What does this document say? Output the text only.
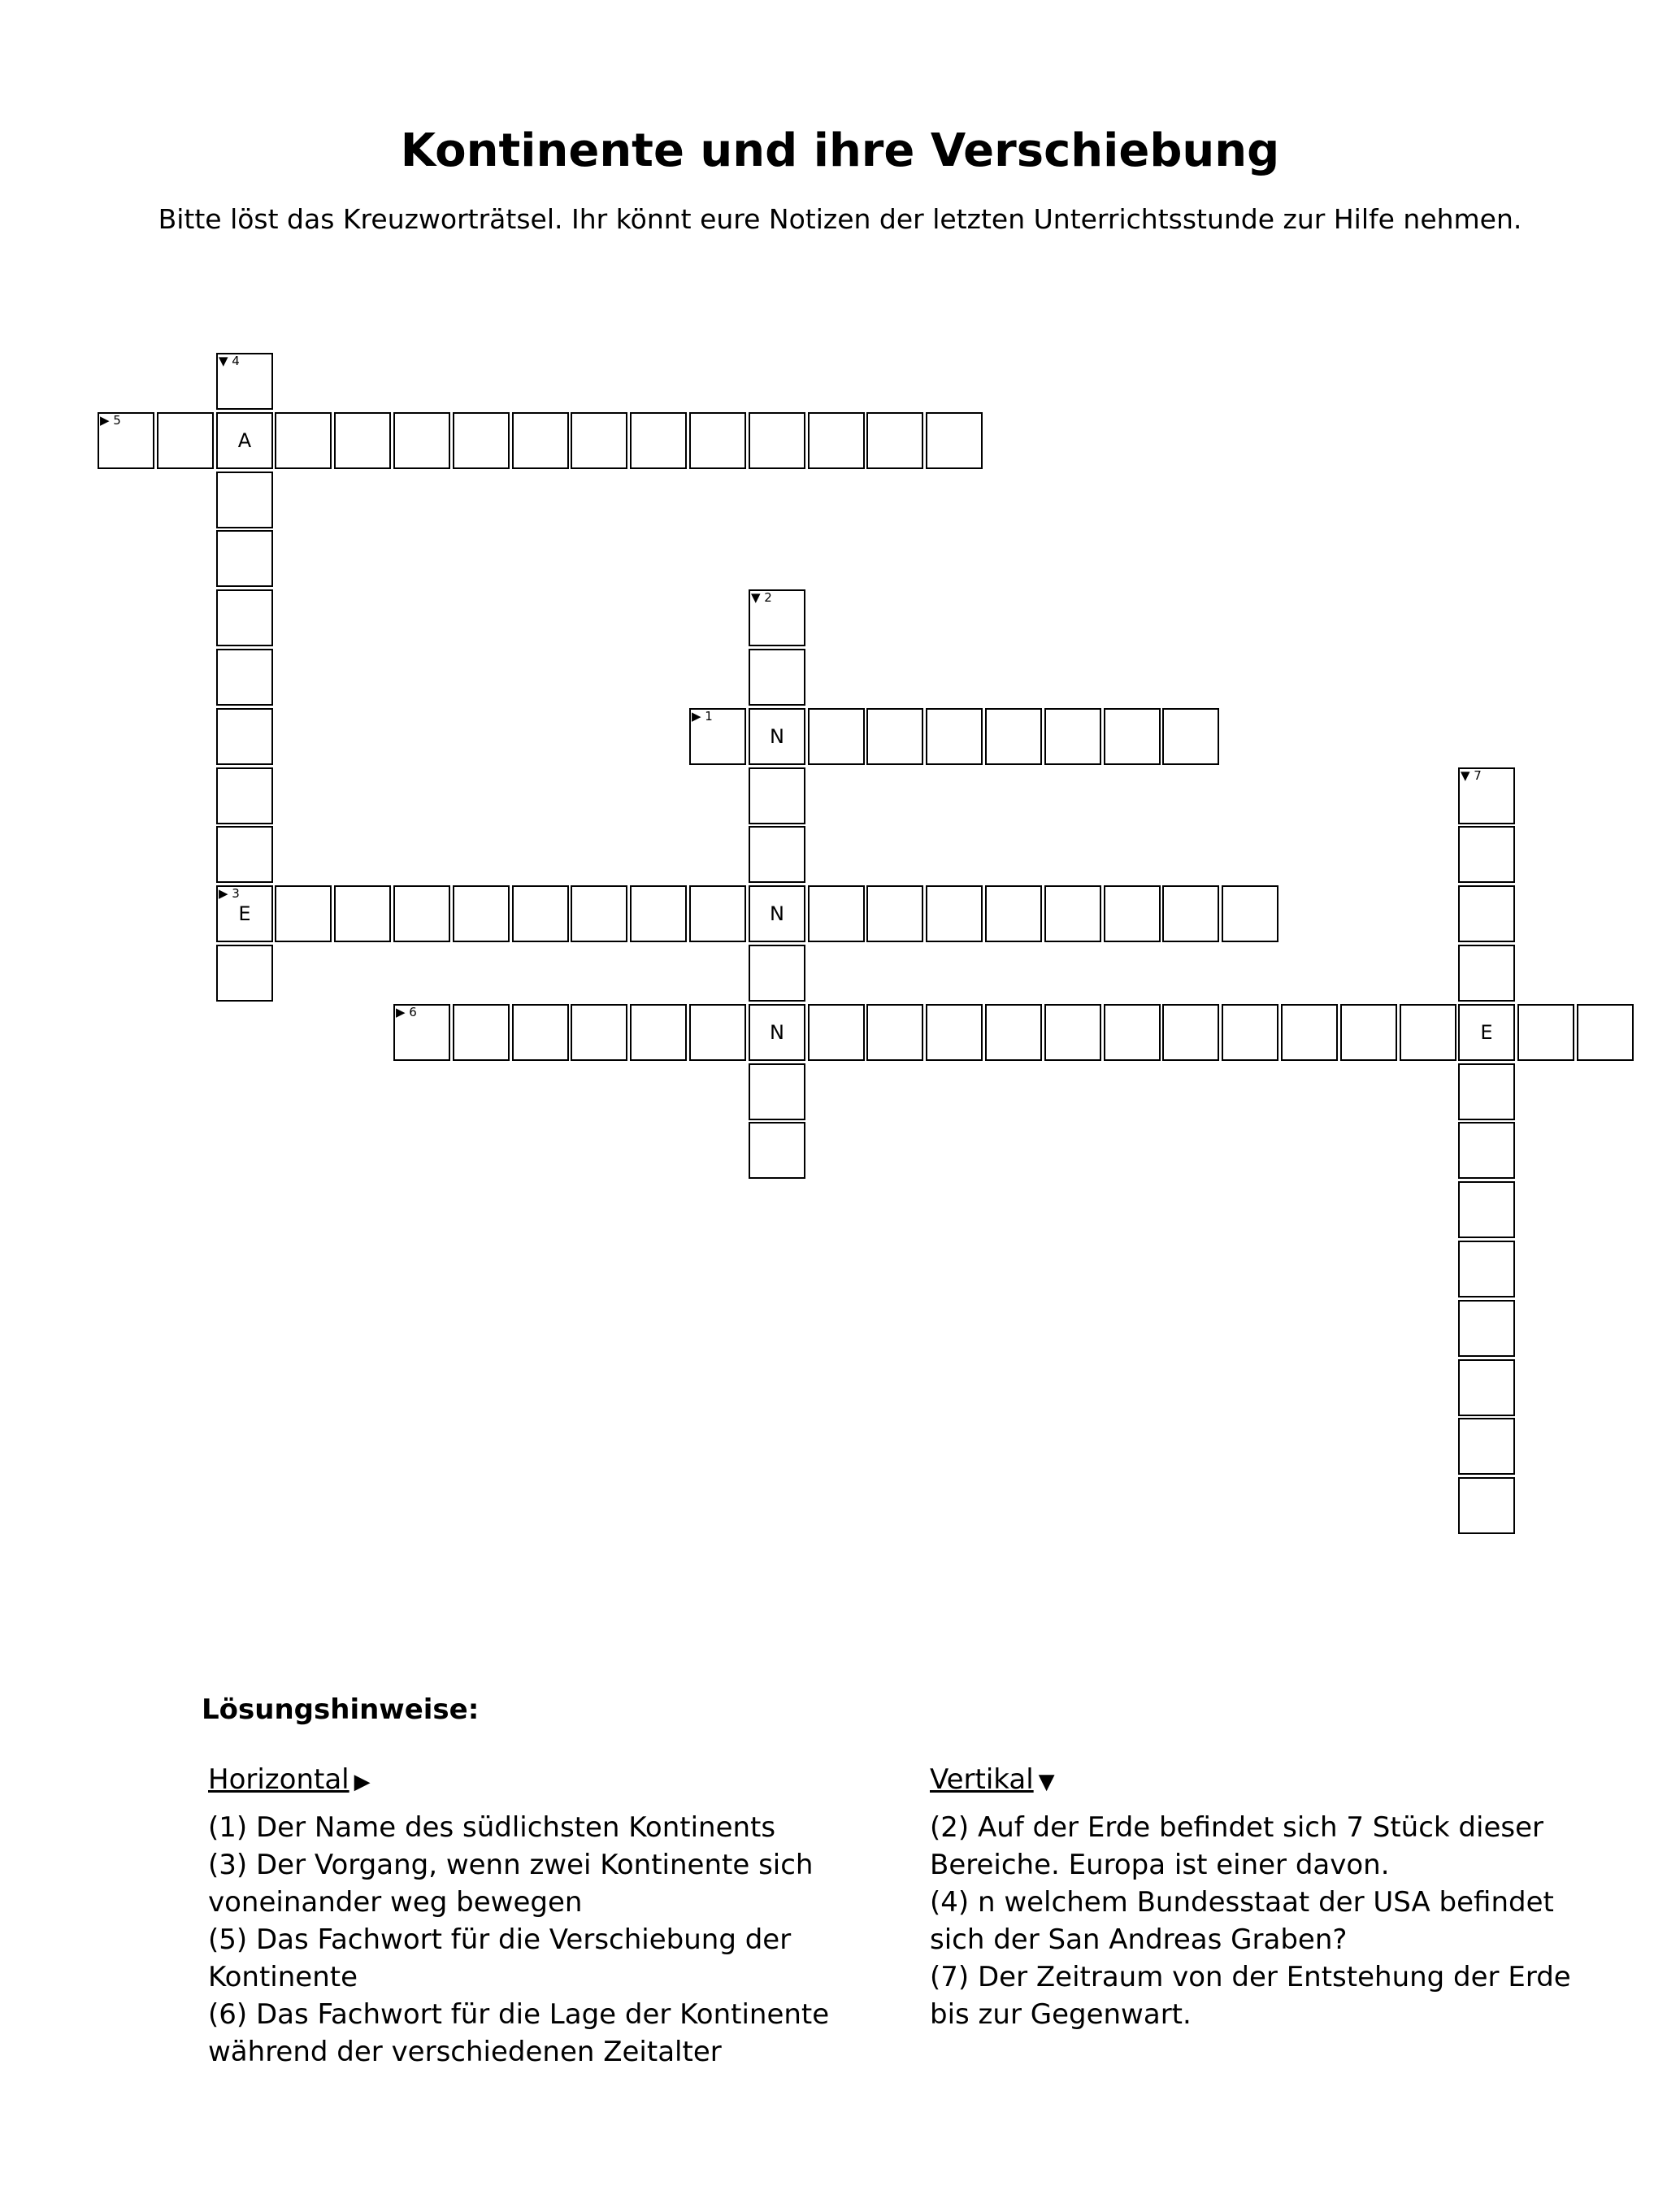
Kontinente und ihre Verschiebung
Bitte löst das Kreuzworträtsel. Ihr könnt eure Notizen der letzten Unterrichtsstunde zur Hilfe nehmen.
▶ 1
N
▼ 2
N
N
▶ 3
E
▼ 4
A
▶ 5
▶ 6
E
▼ 7
Lösungshinweise:
Horizontal ▶

(1) Der Name des südlichsten Kontinents

(3) Der Vorgang, wenn zwei Kontinente sich voneinander weg bewegen

(5) Das Fachwort für die Verschiebung der Kontinente

(6) Das Fachwort für die Lage der Kontinente während der verschiedenen Zeitalter

Vertikal ▼

(2) Auf der Erde befindet sich 7 Stück dieser Bereiche. Europa ist einer davon.

(4) n welchem Bundesstaat der USA befindet sich der San Andreas Graben?

(7) Der Zeitraum von der Entstehung der Erde bis zur Gegenwart.
